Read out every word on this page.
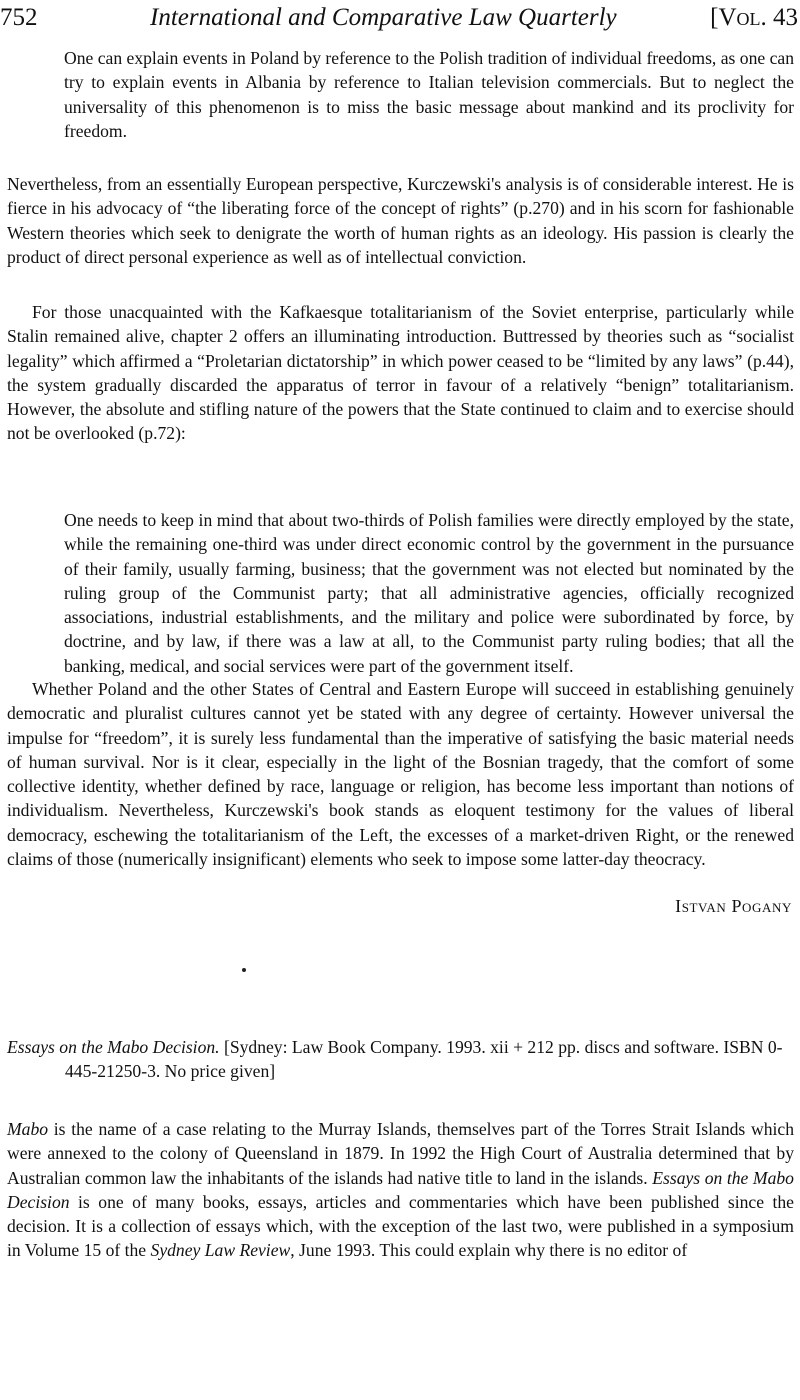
752	International and Comparative Law Quarterly	[Vol. 43

One can explain events in Poland by reference to the Polish tradition of individual freedoms, as one can try to explain events in Albania by reference to Italian television commercials. But to neglect the universality of this phenomenon is to miss the basic message about mankind and its proclivity for freedom.

Nevertheless, from an essentially European perspective, Kurczewski's analysis is of considerable interest. He is fierce in his advocacy of “the liberating force of the concept of rights” (p.270) and in his scorn for fashionable Western theories which seek to denigrate the worth of human rights as an ideology. His passion is clearly the product of direct personal experience as well as of intellectual conviction.

For those unacquainted with the Kafkaesque totalitarianism of the Soviet enterprise, particularly while Stalin remained alive, chapter 2 offers an illuminating introduction. Buttressed by theories such as “socialist legality” which affirmed a “Proletarian dictatorship” in which power ceased to be “limited by any laws” (p.44), the system gradually discarded the apparatus of terror in favour of a relatively “benign” totalitarianism. However, the absolute and stifling nature of the powers that the State continued to claim and to exercise should not be overlooked (p.72):

One needs to keep in mind that about two-thirds of Polish families were directly employed by the state, while the remaining one-third was under direct economic control by the government in the pursuance of their family, usually farming, business; that the government was not elected but nominated by the ruling group of the Communist party; that all administrative agencies, officially recognized associations, industrial establishments, and the military and police were subordinated by force, by doctrine, and by law, if there was a law at all, to the Communist party ruling bodies; that all the banking, medical, and social services were part of the government itself.

Whether Poland and the other States of Central and Eastern Europe will succeed in establishing genuinely democratic and pluralist cultures cannot yet be stated with any degree of certainty. However universal the impulse for “freedom”, it is surely less fundamental than the imperative of satisfying the basic material needs of human survival. Nor is it clear, especially in the light of the Bosnian tragedy, that the comfort of some collective identity, whether defined by race, language or religion, has become less important than notions of individualism. Nevertheless, Kurczewski's book stands as eloquent testimony for the values of liberal democracy, eschewing the totalitarianism of the Left, the excesses of a market-driven Right, or the renewed claims of those (numerically insignificant) elements who seek to impose some latter-day theocracy.

Istvan Pogany

Essays on the Mabo Decision. [Sydney: Law Book Company. 1993. xii + 212 pp. discs and software. ISBN 0-445-21250-3. No price given]

Mabo is the name of a case relating to the Murray Islands, themselves part of the Torres Strait Islands which were annexed to the colony of Queensland in 1879. In 1992 the High Court of Australia determined that by Australian common law the inhabitants of the islands had native title to land in the islands. Essays on the Mabo Decision is one of many books, essays, articles and commentaries which have been published since the decision. It is a collection of essays which, with the exception of the last two, were published in a symposium in Volume 15 of the Sydney Law Review, June 1993. This could explain why there is no editor of
